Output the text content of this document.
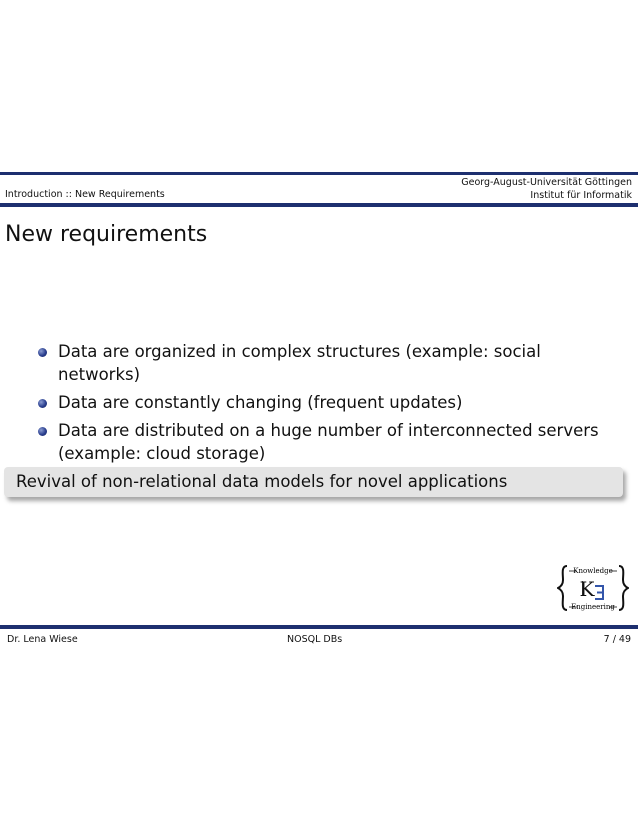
Georg-August-Universität Göttingen
Institut für Informatik
Introduction :: New Requirements
New requirements
Data are organized in complex structures (example: social networks)
Data are constantly changing (frequent updates)
Data are distributed on a huge number of interconnected servers (example: cloud storage)
Revival of non-relational data models for novel applications
Knowledge
K
Engineering
Dr. Lena Wiese	NOSQL DBs	7 / 49
